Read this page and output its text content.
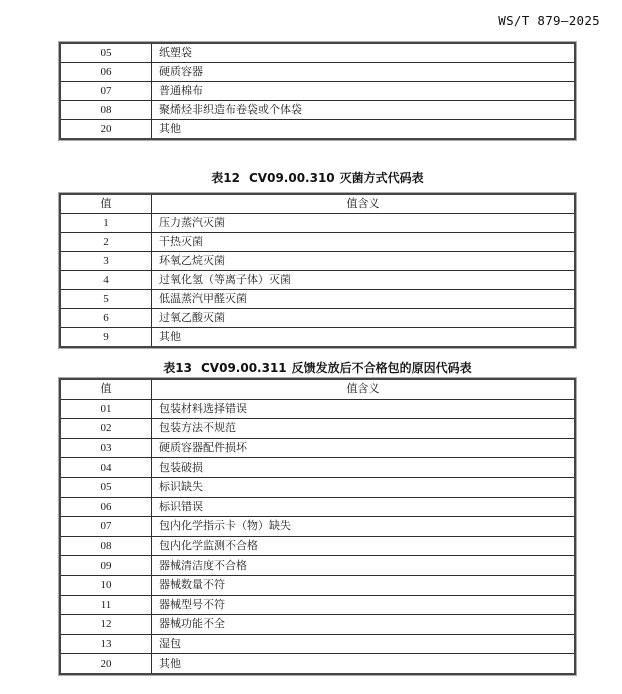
WS/T 879—2025
05	纸塑袋
06	硬质容器
07	普通棉布
08	聚烯烃非织造布卷袋或个体袋
20	其他
表12 CV09.00.310 灭菌方式代码表
值	值含义
1	压力蒸汽灭菌
2	干热灭菌
3	环氧乙烷灭菌
4	过氧化氢（等离子体）灭菌
5	低温蒸汽甲醛灭菌
6	过氧乙酸灭菌
9	其他
表13 CV09.00.311 反馈发放后不合格包的原因代码表
值	值含义
01	包装材料选择错误
02	包装方法不规范
03	硬质容器配件损坏
04	包装破损
05	标识缺失
06	标识错误
07	包内化学指示卡（物）缺失
08	包内化学监测不合格
09	器械清洁度不合格
10	器械数量不符
11	器械型号不符
12	器械功能不全
13	湿包
20	其他
